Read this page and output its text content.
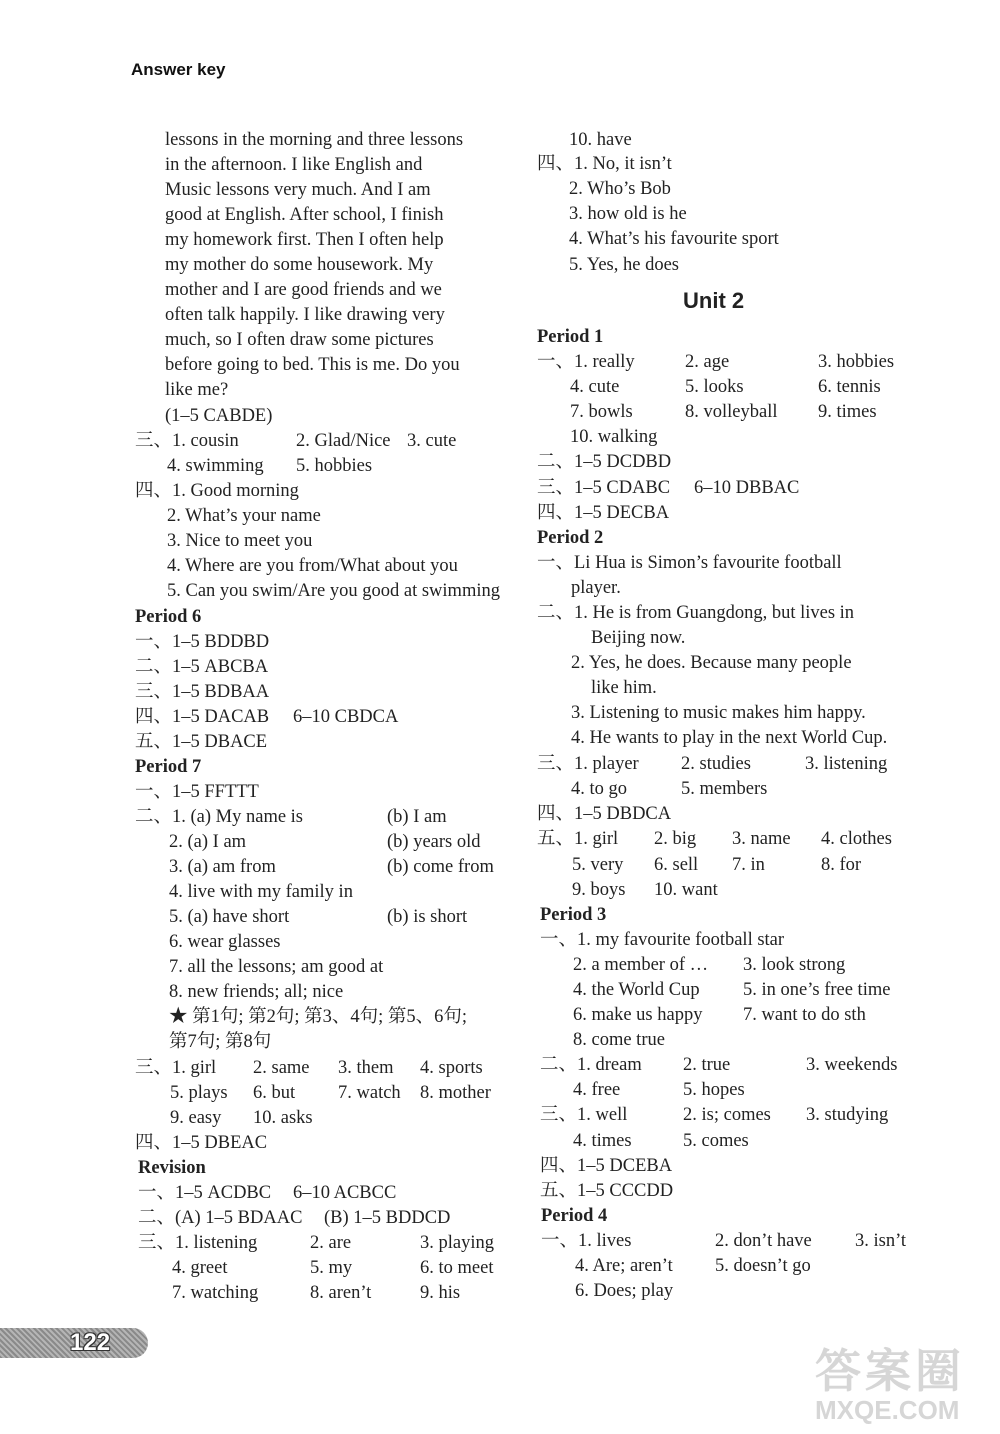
Answer key
lessons in the morning and three lessons
in the afternoon. I like English and
Music lessons very much. And I am
good at English. After school, I finish
my homework first. Then I often help
my mother do some housework. My
mother and I are good friends and we
often talk happily. I like drawing very
much, so I often draw some pictures
before going to bed. This is me. Do you
like me?
(1–5 CABDE)
三、1. cousin	2. Glad/Nice 3. cute
4. swimming 5. hobbies
四、1. Good morning
2. What’s your name
3. Nice to meet you
4. Where are you from/What about you
5. Can you swim/Are you good at swimming
Period 6
一、1–5 BDDBD
二、1–5 ABCBA
三、1–5 BDBAA
四、1–5 DACAB 6–10 CBDCA
五、1–5 DBACE
Period 7
一、1–5 FFTTT
二、1. (a) My name is	(b) I am
2. (a) I am	(b) years old
3. (a) am from	(b) come from
4. live with my family in
5. (a) have short	(b) is short
6. wear glasses
7. all the lessons; am good at
8. new friends; all; nice
★ 第1句; 第2句; 第3、4句; 第5、6句;
第7句; 第8句
三、1. girl 2. same 3. them 4. sports
5. plays 6. but 7. watch 8. mother
9. easy 10. asks
四、1–5 DBEAC
Revision
一、1–5 ACDBC 6–10 ACBCC
二、(A) 1–5 BDAAC (B) 1–5 BDDCD
三、1. listening	2. are	3. playing
4. greet	5. my	6. to meet
7. watching	8. aren’t	9. his
10. have
四、1. No, it isn’t
2. Who’s Bob
3. how old is he
4. What’s his favourite sport
5. Yes, he does
Unit 2
Period 1
一、1. really	2. age	3. hobbies
4. cute	5. looks	6. tennis
7. bowls	8. volleyball 9. times
10. walking
二、1–5 DCDBD
三、1–5 CDABC 6–10 DBBAC
四、1–5 DECBA
Period 2
一、Li Hua is Simon’s favourite football
player.
二、1. He is from Guangdong, but lives in
Beijing now.
2. Yes, he does. Because many people
like him.
3. Listening to music makes him happy.
4. He wants to play in the next World Cup.
三、1. player 2. studies	3. listening
4. to go	5. members
四、1–5 DBDCA
五、1. girl 2. big 3. name 4. clothes
5. very 6. sell 7. in	8. for
9. boys 10. want
Period 3
一、1. my favourite football star
2. a member of … 3. look strong
4. the World Cup 5. in one’s free time
6. make us happy 7. want to do sth
8. come true
二、1. dream 2. true	3. weekends
4. free	5. hopes
三、1. well	2. is; comes 3. studying
4. times	5. comes
四、1–5 DCEBA
五、1–5 CCCDD
Period 4
一、1. lives	2. don’t have 3. isn’t
4. Are; aren’t 5. doesn’t go
6. Does; play
122
答案圈
MXQE.COM
